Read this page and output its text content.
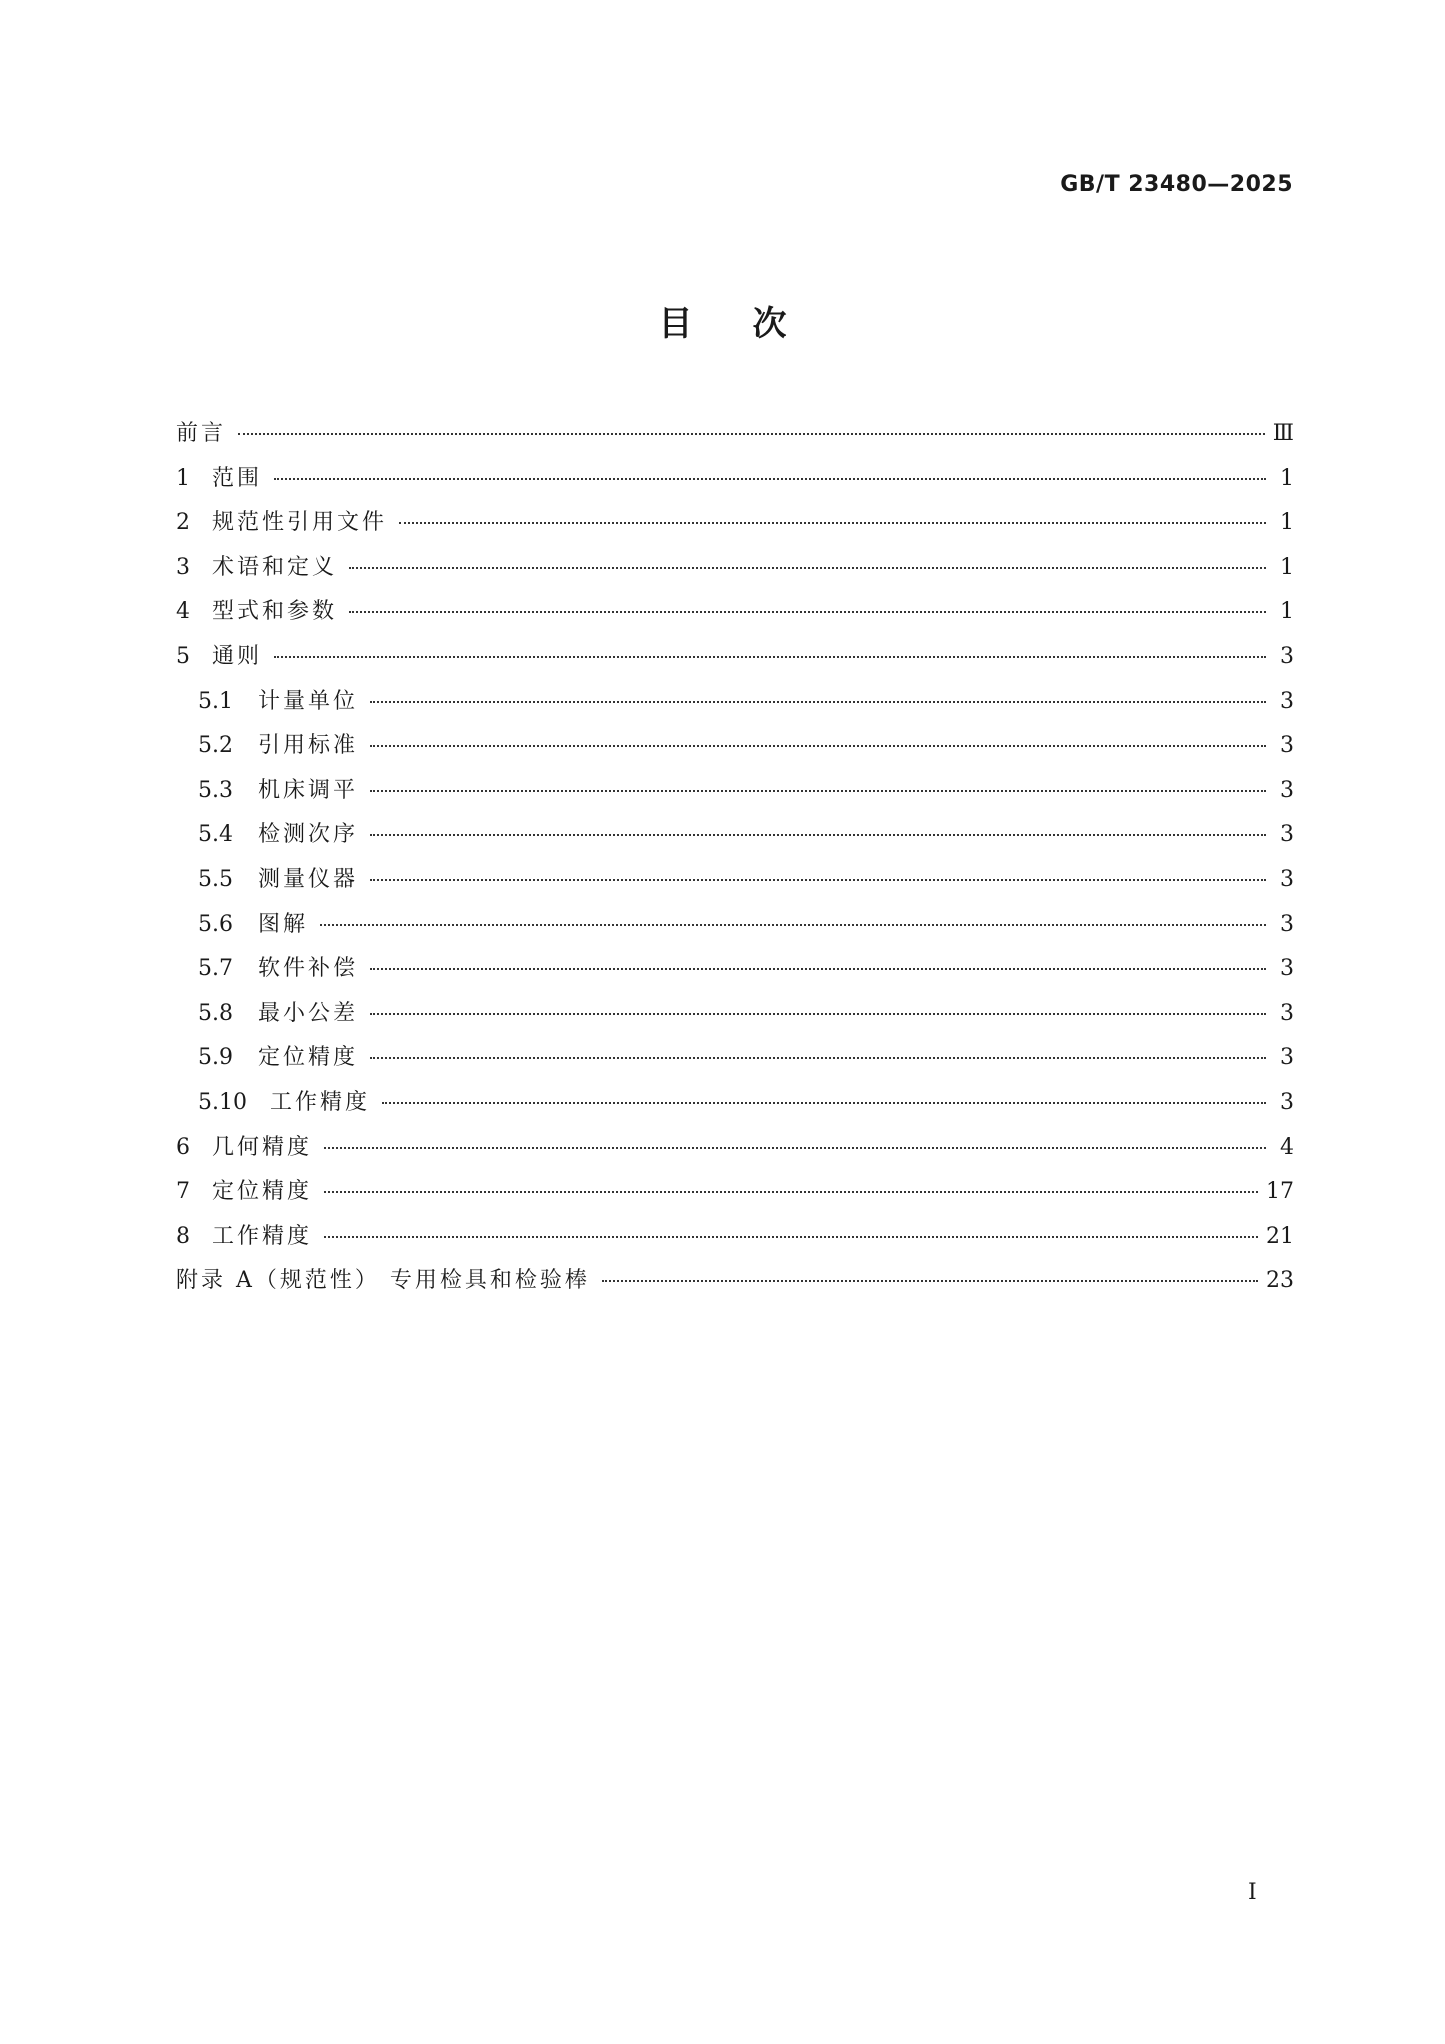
GB/T 23480—2025
目次
前言	Ⅲ
1	范围	1
2	规范性引用文件	1
3	术语和定义	1
4	型式和参数	1
5	通则	3
5.1	计量单位	3
5.2	引用标准	3
5.3	机床调平	3
5.4	检测次序	3
5.5	测量仪器	3
5.6	图解	3
5.7	软件补偿	3
5.8	最小公差	3
5.9	定位精度	3
5.10	工作精度	3
6	几何精度	4
7	定位精度	17
8	工作精度	21
附录 A（规范性） 专用检具和检验棒	23
I
